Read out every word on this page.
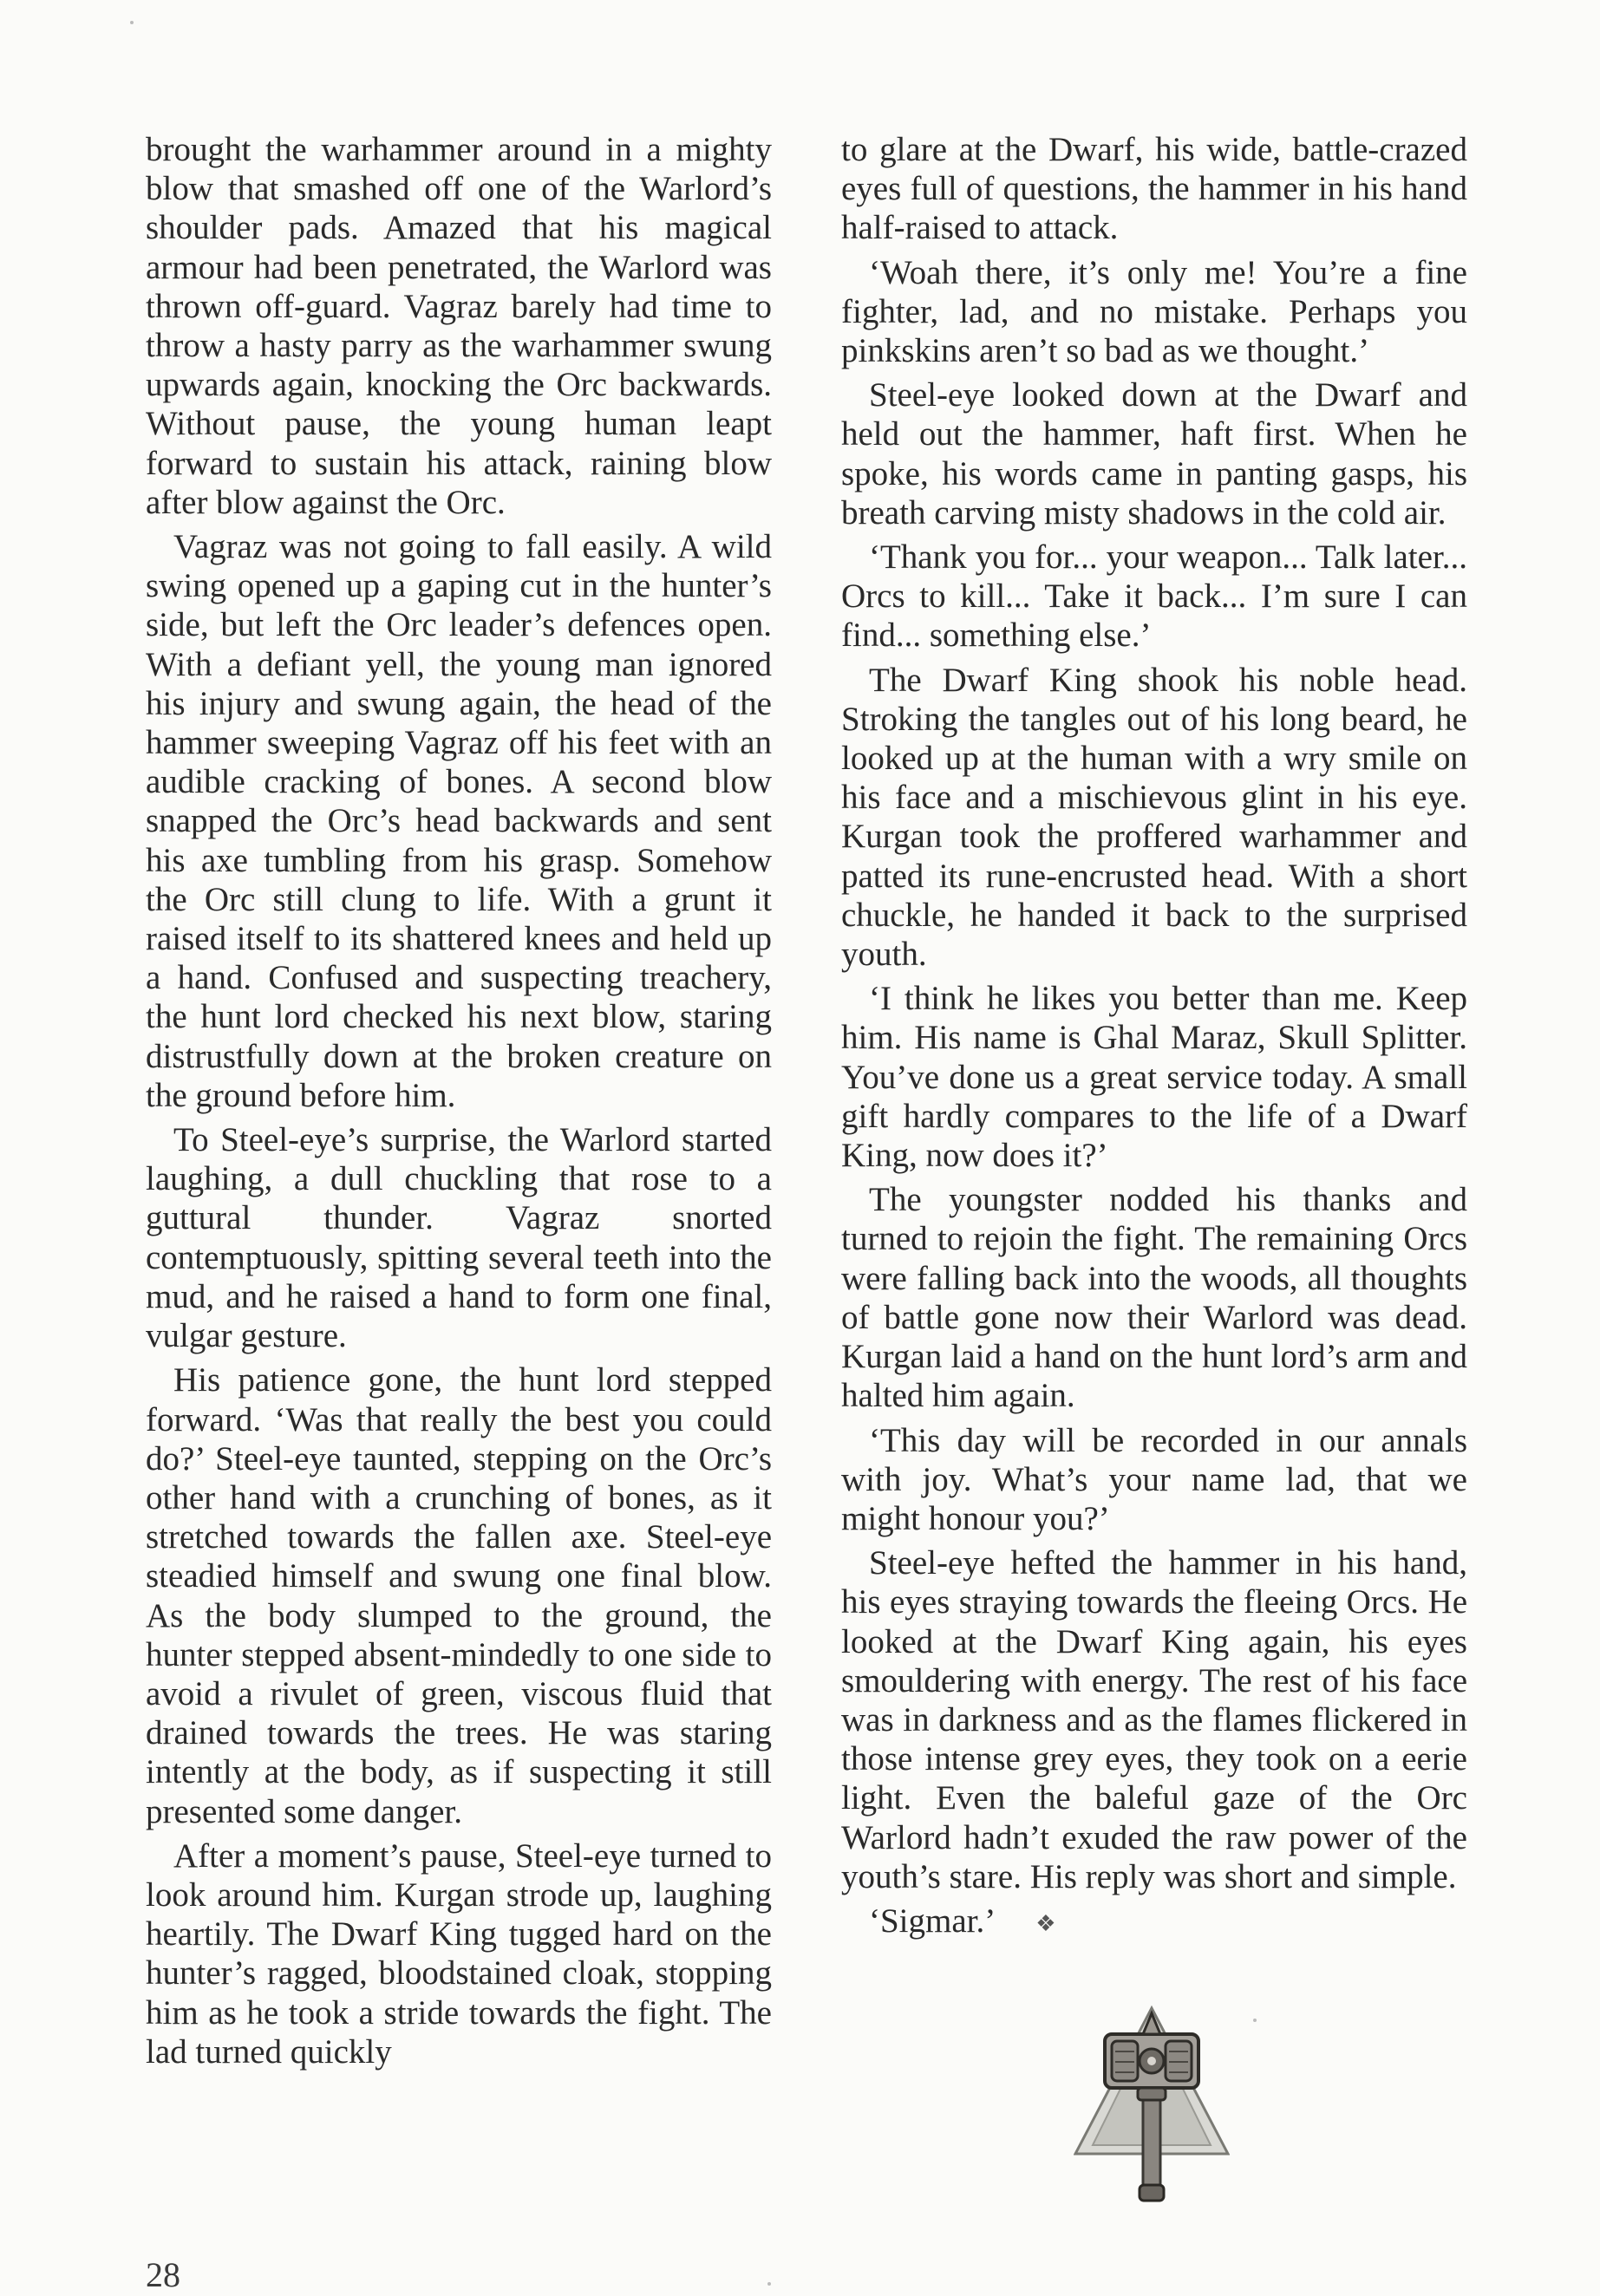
brought the warhammer around in a mighty blow that smashed off one of the Warlord’s shoulder pads. Amazed that his magical armour had been penetrated, the Warlord was thrown off-guard. Vagraz barely had time to throw a hasty parry as the warhammer swung upwards again, knocking the Orc backwards. Without pause, the young human leapt forward to sustain his attack, raining blow after blow against the Orc.

Vagraz was not going to fall easily. A wild swing opened up a gaping cut in the hunter’s side, but left the Orc leader’s defences open. With a defiant yell, the young man ignored his injury and swung again, the head of the hammer sweeping Vagraz off his feet with an audible cracking of bones. A second blow snapped the Orc’s head backwards and sent his axe tumbling from his grasp. Somehow the Orc still clung to life. With a grunt it raised itself to its shattered knees and held up a hand. Confused and suspecting treachery, the hunt lord checked his next blow, staring distrustfully down at the broken creature on the ground before him.

To Steel-eye’s surprise, the Warlord started laughing, a dull chuckling that rose to a guttural thunder. Vagraz snorted contemptuously, spitting several teeth into the mud, and he raised a hand to form one final, vulgar gesture.

His patience gone, the hunt lord stepped forward. ‘Was that really the best you could do?’ Steel-eye taunted, stepping on the Orc’s other hand with a crunching of bones, as it stretched towards the fallen axe. Steel-eye steadied himself and swung one final blow. As the body slumped to the ground, the hunter stepped absent-mindedly to one side to avoid a rivulet of green, viscous fluid that drained towards the trees. He was staring intently at the body, as if suspecting it still presented some danger.

After a moment’s pause, Steel-eye turned to look around him. Kurgan strode up, laughing heartily. The Dwarf King tugged hard on the hunter’s ragged, bloodstained cloak, stopping him as he took a stride towards the fight. The lad turned quickly

to glare at the Dwarf, his wide, battle-crazed eyes full of questions, the hammer in his hand half-raised to attack.

‘Woah there, it’s only me! You’re a fine fighter, lad, and no mistake. Perhaps you pinkskins aren’t so bad as we thought.’

Steel-eye looked down at the Dwarf and held out the hammer, haft first. When he spoke, his words came in panting gasps, his breath carving misty shadows in the cold air.

‘Thank you for... your weapon... Talk later... Orcs to kill... Take it back... I’m sure I can find... something else.’

The Dwarf King shook his noble head. Stroking the tangles out of his long beard, he looked up at the human with a wry smile on his face and a mischievous glint in his eye. Kurgan took the proffered warhammer and patted its rune-encrusted head. With a short chuckle, he handed it back to the surprised youth.

‘I think he likes you better than me. Keep him. His name is Ghal Maraz, Skull Splitter. You’ve done us a great service today. A small gift hardly compares to the life of a Dwarf King, now does it?’

The youngster nodded his thanks and turned to rejoin the fight. The remaining Orcs were falling back into the woods, all thoughts of battle gone now their Warlord was dead. Kurgan laid a hand on the hunt lord’s arm and halted him again.

‘This day will be recorded in our annals with joy. What’s your name lad, that we might honour you?’

Steel-eye hefted the hammer in his hand, his eyes straying towards the fleeing Orcs. He looked at the Dwarf King again, his eyes smouldering with energy. The rest of his face was in darkness and as the flames flickered in those intense grey eyes, they took on a eerie light. Even the baleful gaze of the Orc Warlord hadn’t exuded the raw power of the youth’s stare. His reply was short and simple.

‘Sigmar.’ ❖

28
